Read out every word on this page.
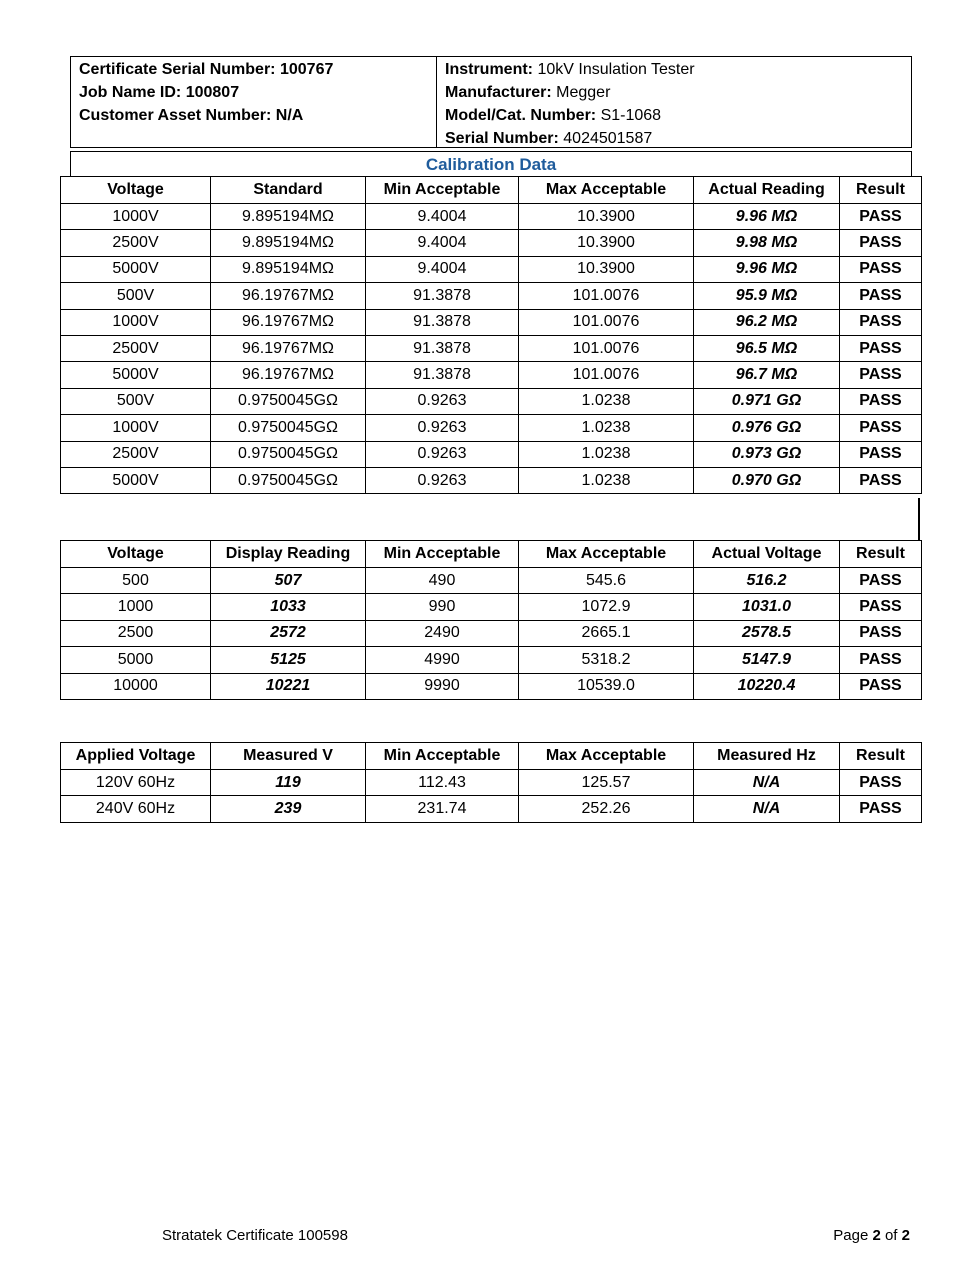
Certificate Serial Number: 100767
Job Name ID: 100807
Customer Asset Number: N/A
Instrument: 10kV Insulation Tester
Manufacturer: Megger
Model/Cat. Number: S1-1068
Serial Number: 4024501587
Calibration Data
Voltage	Standard	Min Acceptable	Max Acceptable	Actual Reading	Result
1000V	9.895194MΩ	9.4004	10.3900	9.96 MΩ	PASS
2500V	9.895194MΩ	9.4004	10.3900	9.98 MΩ	PASS
5000V	9.895194MΩ	9.4004	10.3900	9.96 MΩ	PASS
500V	96.19767MΩ	91.3878	101.0076	95.9 MΩ	PASS
1000V	96.19767MΩ	91.3878	101.0076	96.2 MΩ	PASS
2500V	96.19767MΩ	91.3878	101.0076	96.5 MΩ	PASS
5000V	96.19767MΩ	91.3878	101.0076	96.7 MΩ	PASS
500V	0.9750045GΩ	0.9263	1.0238	0.971 GΩ	PASS
1000V	0.9750045GΩ	0.9263	1.0238	0.976 GΩ	PASS
2500V	0.9750045GΩ	0.9263	1.0238	0.973 GΩ	PASS
5000V	0.9750045GΩ	0.9263	1.0238	0.970 GΩ	PASS
Voltage	Display Reading	Min Acceptable	Max Acceptable	Actual Voltage	Result
500	507	490	545.6	516.2	PASS
1000	1033	990	1072.9	1031.0	PASS
2500	2572	2490	2665.1	2578.5	PASS
5000	5125	4990	5318.2	5147.9	PASS
10000	10221	9990	10539.0	10220.4	PASS
Applied Voltage	Measured V	Min Acceptable	Max Acceptable	Measured Hz	Result
120V 60Hz	119	112.43	125.57	N/A	PASS
240V 60Hz	239	231.74	252.26	N/A	PASS
Stratatek Certificate 100598	Page 2 of 2
